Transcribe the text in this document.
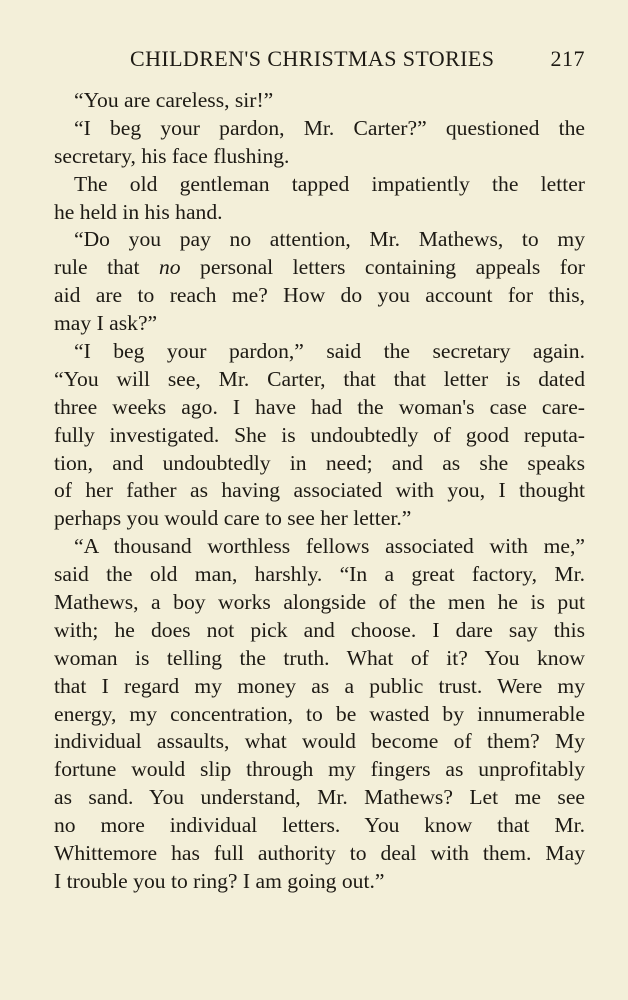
CHILDREN'S CHRISTMAS STORIES	217
“You are careless, sir!”
“I beg your pardon, Mr. Carter?” questioned the
secretary, his face flushing.
The old gentleman tapped impatiently the letter
he held in his hand.
“Do you pay no attention, Mr. Mathews, to my
rule that no personal letters containing appeals for
aid are to reach me? How do you account for this,
may I ask?”
“I beg your pardon,” said the secretary again.
“You will see, Mr. Carter, that that letter is dated
three weeks ago. I have had the woman's case care-
fully investigated. She is undoubtedly of good reputa-
tion, and undoubtedly in need; and as she speaks
of her father as having associated with you, I thought
perhaps you would care to see her letter.”
“A thousand worthless fellows associated with me,”
said the old man, harshly. “In a great factory, Mr.
Mathews, a boy works alongside of the men he is put
with; he does not pick and choose. I dare say this
woman is telling the truth. What of it? You know
that I regard my money as a public trust. Were my
energy, my concentration, to be wasted by innumerable
individual assaults, what would become of them? My
fortune would slip through my fingers as unprofitably
as sand. You understand, Mr. Mathews? Let me see
no more individual letters. You know that Mr.
Whittemore has full authority to deal with them. May
I trouble you to ring? I am going out.”
